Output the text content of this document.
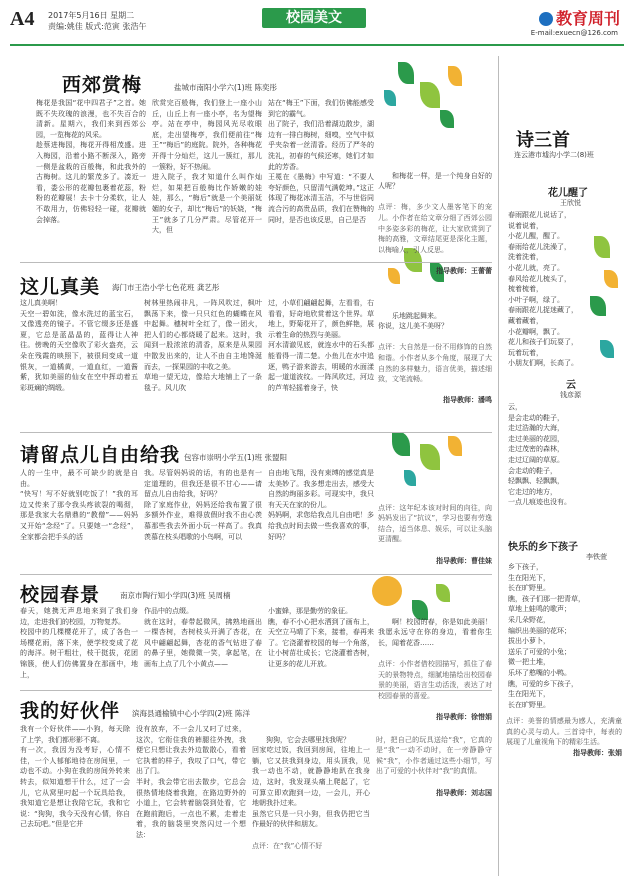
A4 2017年5月16日 星期二
责编:姚佳 版式:范寅 张浩午
校园美文	教育周刊
E-mail:exuecn@126.com
西郊赏梅	盐城市南阳小学六(1)班 陈奕彤
梅花是我国“花中四君子”之首。她既不失玫瑰的浪漫，也不失百合的清新。星期六，我们来到西郊公园，一览梅花的风采。
趁蔡进梅园，梅花开得相茂盛。进入梅园，沿着小路不断深入，路旁一侧是盆栽的百般梅，和此我外的古梅树。这儿的繁茂多了。凑近一看，娄公形的花瓣包裹着花蕊，粉粉的花瓣展！去卡十分柔软，让人不敢用力，仿佛轻轻一碰，花瓣就会掉落。
欣赏完百般梅，我们登上一座小山丘，山丘上有一座小亭，名为望梅亭。站在亭中，梅园风光尽收眼底，走出望梅亭，我们便前往“梅王”“梅后”的庭院。院外，各种梅花开得十分灿烂，这儿一簇红，那儿一簇粉，好不热闹。
进入院子，我才知道什么叫作灿烂，如果把百般梅比作娇嫩的娃娃，那么，“梅后”就是一个美丽妩媚的女子，却比“梅后”的妖娆，“梅王”就多了几分严肃。尽管花开一大，但
站在“梅王”下面，我们仿佛能感受到它的霸气。
出了院子，我们沿着湖边散步，湖边有一排白梅树，细嗅，空气中似乎夹杂着一丝清香。经历了严冬的洗礼，初春的气候还寒，她们才如此的芳香。
王冕在《墨梅》中写道：“不要人夸好颜色，只留清气满乾坤。”这正体现了梅花冰清玉洁，不与世俗同流合污的高贵品质，我们在赞梅的同时，是否也该反思，自己是否

和梅花一样，是一个纯身自好的人呢？

点评：梅，多少文人墨客笔下的宠儿。小作者在给文章分细了西郊公园中多姿多彩的梅花，让大家欣赏到了梅的高雅，文章结尾更是深化主题，以梅喻人，引人反思。

指导教师：王蕾蕾

这儿真美 海门市王浩小学七色花班 龚艺彤
这儿真美啊！
天空一碧如洗，像水洗过的蓝宝石，又像透亮的镜子。不管它缀多还是盛夏，它总是蓝晶晶的，蓝得让人神往。傍晚的天空像吹了彩火盎亮，云朵在残霞的映照下，被很间变成一道银灰，一道橘黄，一道血红，一道酱紫，犹如美丽的仙女在空中挥动着五彩斑斓的绸缎。
树林里热闹非凡，一阵风吹过，枫叶飘荡下来，像一只只红色的蝴蝶在风中起舞。穗树叶全红了，像一团火，把人们的心都烧暖了起来。这时，我闻到一股浓浓的清香，原来是从果园中散发出来的，让人不由自主地馋涎而去，一探果园的丰收之美。
草地一望无边，像给大地铺上了一条毯子。风儿吹
过，小草们翩翩起舞，左看看，右看看，好奇地欣赏着这个世界。草地上，野菊花开了，颜色鲜艳，展示着生命的热烈与美丽。
河水清澈见底，就连水中的石头都能看得一清二楚。小鱼儿在水中追逐，鸭子游来游去，明暖的水面漾起一道道波纹。一阵风吹过，河边的芦苇轻摇着身子，快

乐地跳起舞来。
你说，这儿美不美呀？

点评：大自然是一份不用修饰的自然和谐。小作者从多个角度，展现了大自然的多样魅力，语言优美，描述细致，文笔流畅。

指导教师：潘鸣

请留点儿自由给我 包容市崇明小学五(1)班 张盟阳
人的一生中，最不可缺少的就是自由。
“快写！写不好就别吃饭了！”我的耳边又传来了那令我头疼欲裂的喝彻，那是我家大名鼎鼎的“教僧”——妈妈又开始“念经”了。只要她一“念经”，全家都会把手头的活
我。尽管妈妈说的话，有的也是有一定道理的，但我还是很不甘心——请留点儿自由给我，好吗？
除了家庭作业，妈妈还给我布置了很多额外作业，难得放假时我不由心羡慕那些我去外面小玩一样高了。我真羡慕在枝头唱歌的小鸟啊，可以
自由地飞翔，没有束缚的感觉真是太美妙了。我多想走出去，感受大自然的绚丽多彩。可现实中，我只有天天在家的份儿。
妈妈啊，求您给我点儿自由吧！多给我点时间去做一些我喜欢的事，好吗？

点评：这年纪本该对时间的向往，向妈妈发出了“抗议”，学习也要有劳逸结合，适当体息、娱乐，可以让头脑更清醒。

指导教师：曹佳妹

校园春景	南京市陶行知小学四(3)班 吴周楠
春天，她携无声息地来到了我们身边，走进我们的校园，万物复苏。
校园中的几棵樱花开了，成了各色一场樱花雨，落下来，使学校变成了花的海洋。树干粗壮，枝干挺拔，花团锦簇，使人们仿佛置身在那画中，地上，
作品中的点缀。
就在这时，春带起微风，拂熟地画出一棵杏树，杏树枝头开满了杏花，在风中翩翩起舞，杏花的香气钻进了春的鼻子里，她微微一笑，拿起笔，在画布上点了几个小黄点——
小蜜蜂，那是勤劳的象征。
瞧，春不小心把水洒到了画布上，天空立马晴了下来，接着，春再来了。它浇灌着校园的每一个角落，让小树苗壮成长；它浇灌着杏树，让更多的花儿开放。

啊！校园的春，你是如此美丽！我愿永远守在你的身边，看着你生长，闻着花香……

点评：小作者借校园描写，抓住了春天的景物特点，细腻地描绘出校园春景的美丽，语言生动活泼，表达了对校园春景的喜爱。

指导教师：徐惜娟

我的好伙伴 滨海县通榆镇中心小学四(2)班 陈洋
我有一个好伙伴——小狗，每天除了上学，我们都形影不离。
有一次，我因为没考好，心情不佳，一个人郁郁地待在房间里，一动也不动。小狗在我的房间外转来转去，似知道想干什么，过了一会儿，它从窝里叼起一个玩具给我，我知道它是想让我陪它玩，我和它说：“狗狗，我今天没有心情，你自己去玩吧。”但是它并
没有放弃，不一会儿又叼了过来，这次，它衔住我的裤腿往外拽，我便它只想让我去外边散散心，看着它执着的样子，我叹了口气，带它出了门。
半时，我会带它出去散步，它总会很热情地绕着我跑，在路边野外的小道上，它会转着脑袋到处看，它在跑前跑后，一点也不累，走着走着，我的脑袋里突然闪过一个想法：

狗狗，它会去哪里找我呢？
回家吃过饭，我回到房间，往地上一躺，它又扶我到身边，用头顶我，见我一动也不动，就静静地趴在我身边，这时，我发现头痛上爬起了，它可算立即欢跑到一边，一会儿，开心地朝我扑过来。
虽然它只是一只小狗，但我仍把它当作最好的伙伴和朋友。

点评：在“我”心情不好

时，把自己的玩具送给“我”，它真的是“我”一动不动时，在一旁静静守候“我”，小作者通过这些小细节，写出了可爱的小伙伴对“我”的真情。

指导教师：刘志国

诗三首
连云港市墟沟小学二(8)班
花儿醒了
王欣悦
春雨跟花儿说话了，
说着说着，
小花儿醒，醒了。
春雨给花儿洗澡了，
洗着洗着，
小花儿就，亮了。
春风给花儿梳头了，
梳着梳着，
小叶子啊，绿了。
春雨跟花儿捉迷藏了，
藏着藏着，
小花瓣啊，飘了。
花儿和孩子们玩耍了，
玩着玩着，
小朋友们啊，长高了。
云
钱彦源
云，
是会走动的鞋子，
走过浩瀚的大海，
走过美丽的花园，
走过茂密的森林，
走过辽阔的草原。
会走动的鞋子，
轻飘飘、轻飘飘，
它走过的地方，
一点儿痕迹也没有。
快乐的乡下孩子
李铁萱
乡下孩子，
生在阳光下，
长在旷野里。
瞧，孩子们那一把青草，
草地上蛙鸣的歌声；
采几朵野花，
编织出美丽的花环；
拔出小萝卜，
送乐了可爱的小兔；
微一把土堆，
乐坏了憨嘴的小鸭。
瞧，可爱的乡下孩子，
生在阳光下，
长在旷野里。

点评：美誉的情感最为感人，充满童真的心灵与动人。三首诗中，每表的展现了儿童视角下的精彩生活。

指导教师：张娟
